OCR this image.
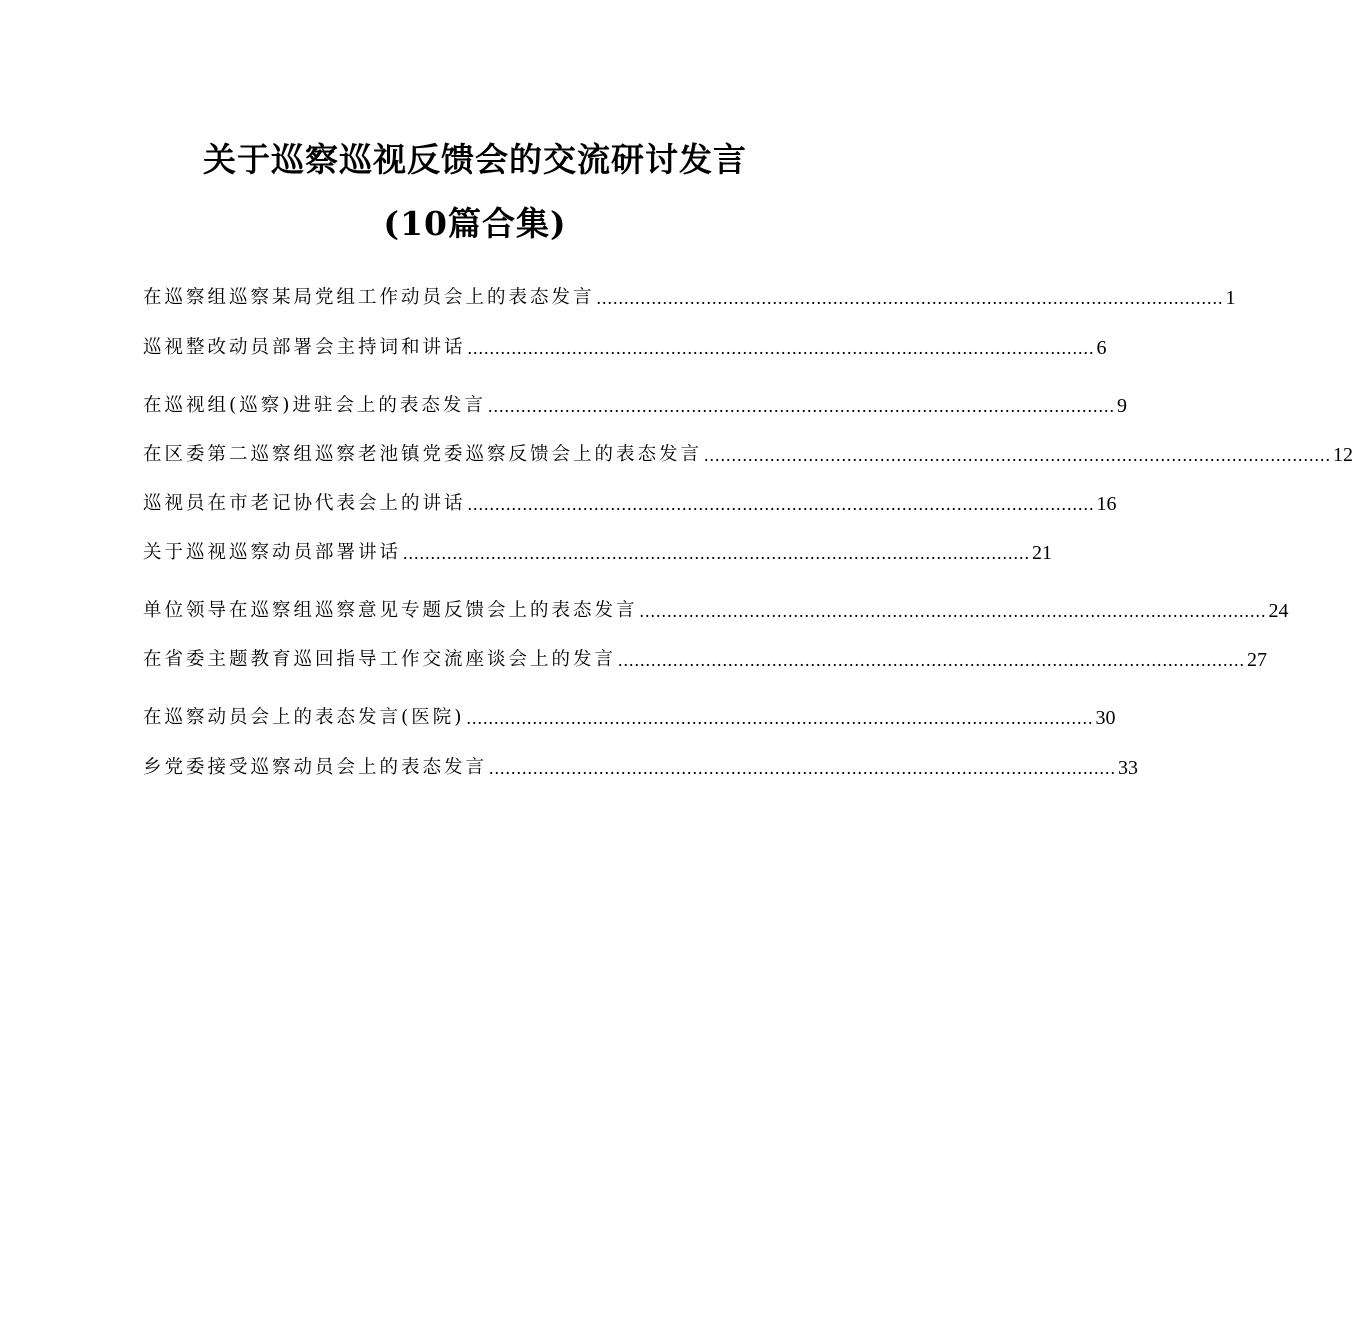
关于巡察巡视反馈会的交流研讨发言
(10篇合集)
在巡察组巡察某局党组工作动员会上的表态发言 .................................................................................................................. 1
巡视整改动员部署会主持词和讲话 .................................................................................................................. 6
在巡视组(巡察)进驻会上的表态发言 .................................................................................................................. 9
在区委第二巡察组巡察老池镇党委巡察反馈会上的表态发言 .................................................................................................................. 12
巡视员在市老记协代表会上的讲话 .................................................................................................................. 16
关于巡视巡察动员部署讲话 .................................................................................................................. 21
单位领导在巡察组巡察意见专题反馈会上的表态发言 .................................................................................................................. 24
在省委主题教育巡回指导工作交流座谈会上的发言 .................................................................................................................. 27
在巡察动员会上的表态发言(医院) .................................................................................................................. 30
乡党委接受巡察动员会上的表态发言 .................................................................................................................. 33
